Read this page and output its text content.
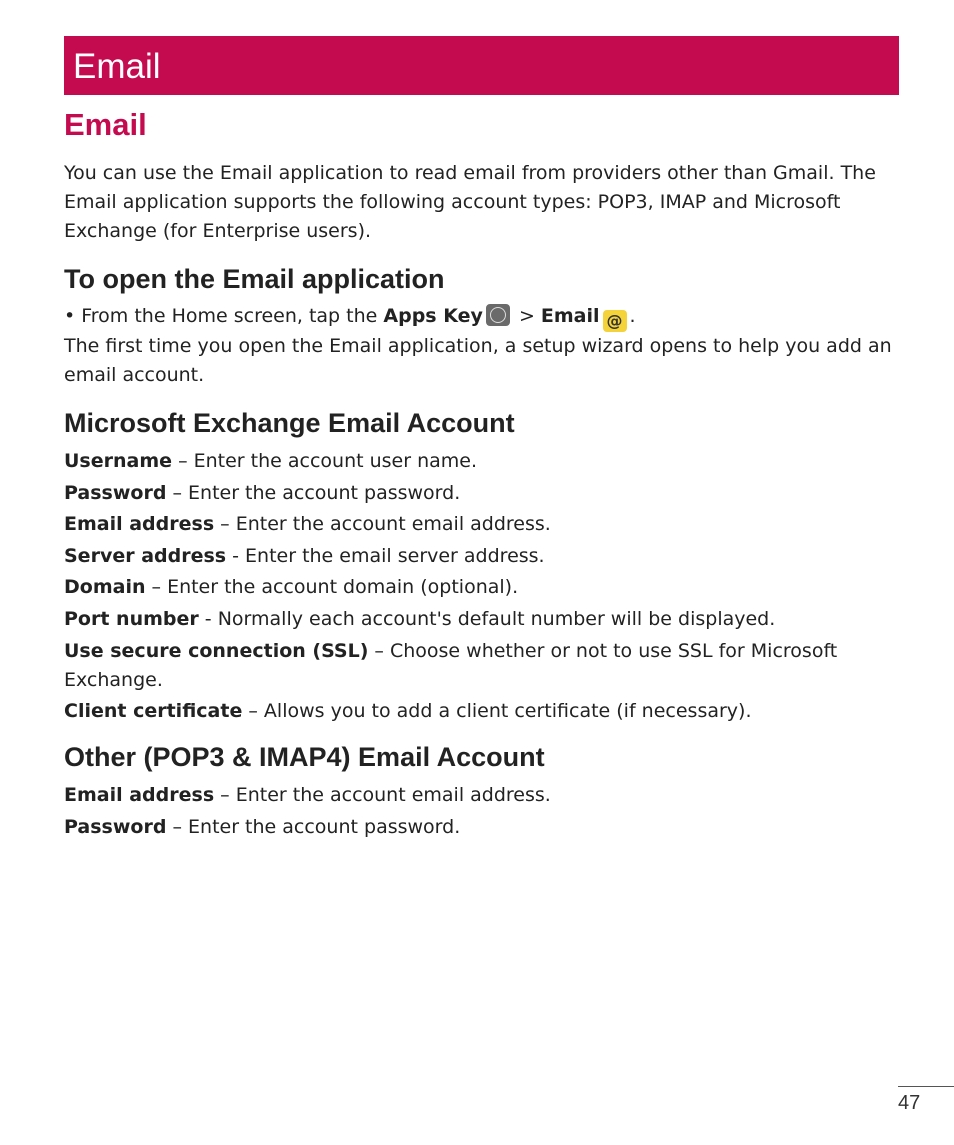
Email
Email

You can use the Email application to read email from providers other than Gmail. The Email application supports the following account types: POP3, IMAP and Microsoft Exchange (for Enterprise users).

To open the Email application

• From the Home screen, tap the Apps Key > Email @ .

The first time you open the Email application, a setup wizard opens to help you add an email account.

Microsoft Exchange Email Account

Username – Enter the account user name.

Password – Enter the account password.

Email address – Enter the account email address.

Server address - Enter the email server address.

Domain – Enter the account domain (optional).

Port number - Normally each account's default number will be displayed.

Use secure connection (SSL) – Choose whether or not to use SSL for Microsoft Exchange.

Client certificate – Allows you to add a client certificate (if necessary).

Other (POP3 & IMAP4) Email Account

Email address – Enter the account email address.

Password – Enter the account password.

47
